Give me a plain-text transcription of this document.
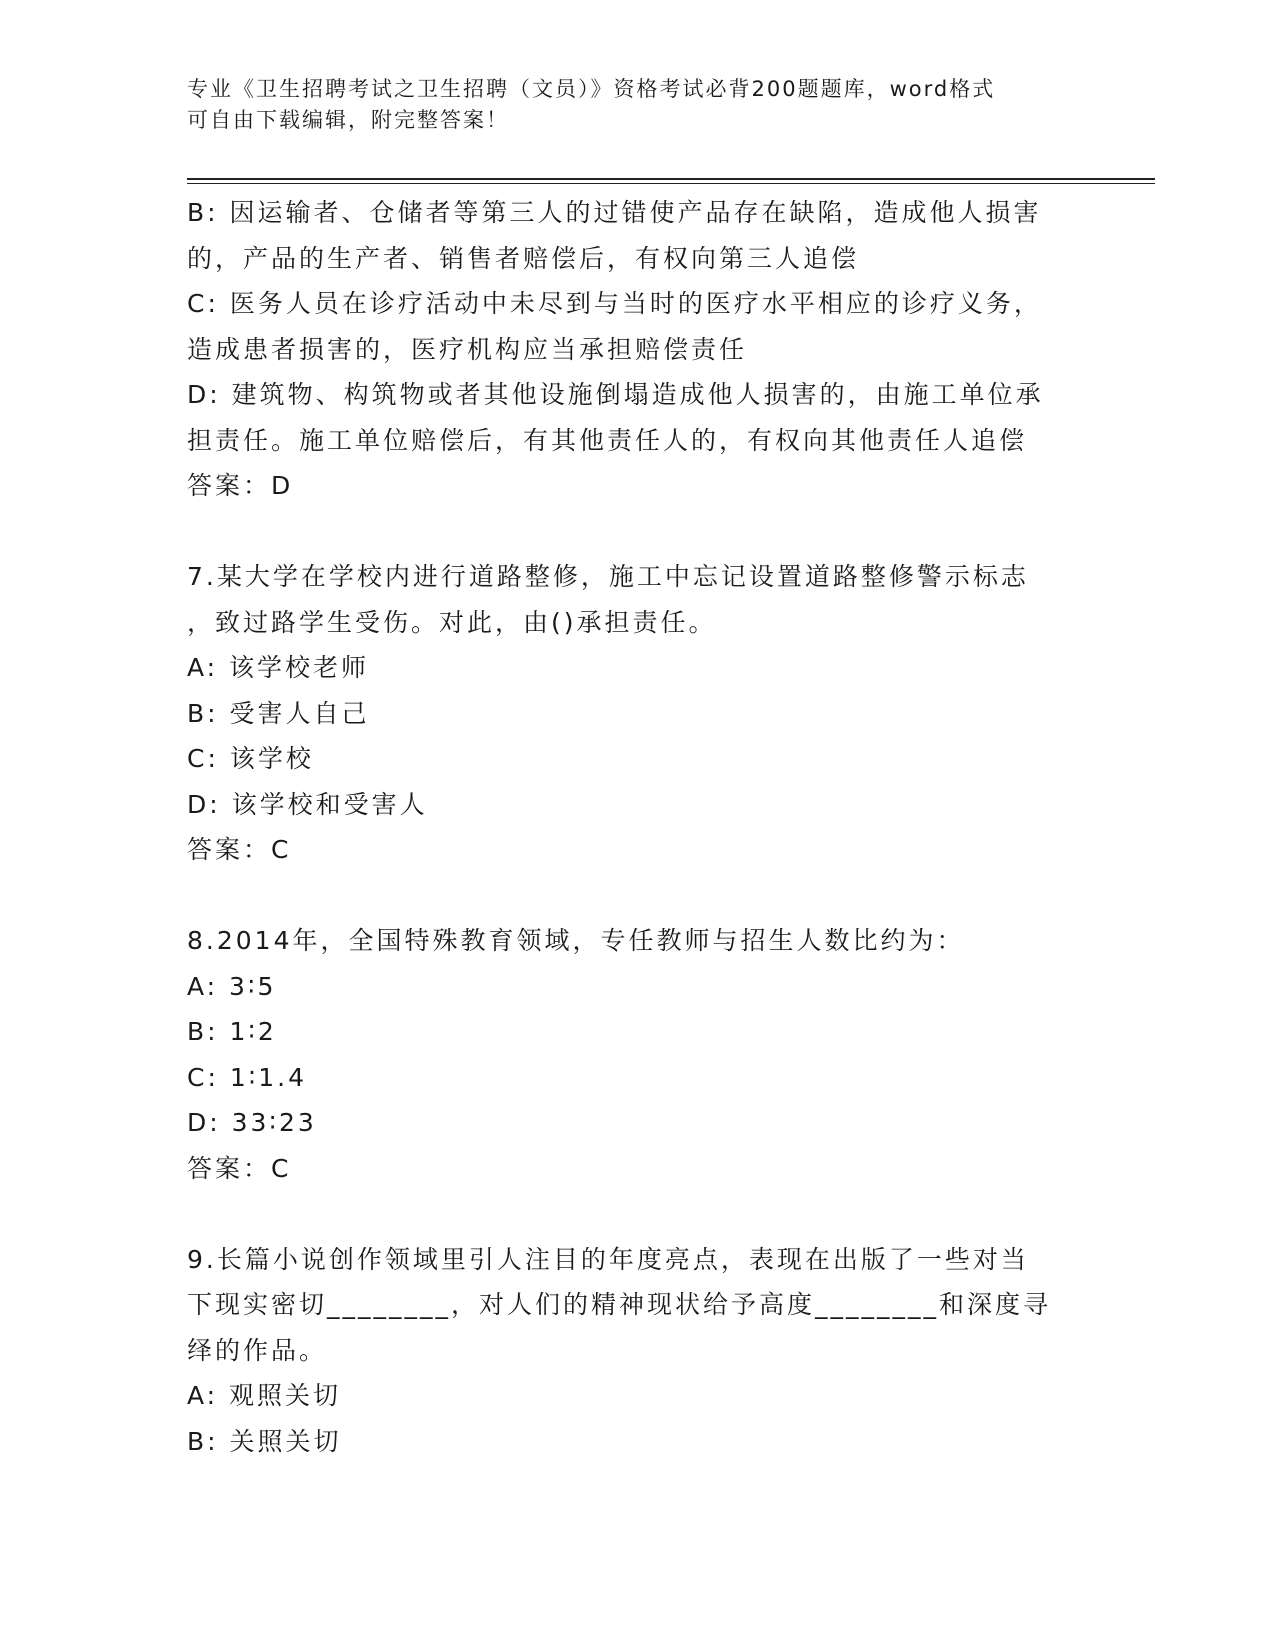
专业《卫生招聘考试之卫生招聘（文员）》资格考试必背200题题库，word格式
可自由下载编辑，附完整答案！
B: 因运输者、仓储者等第三人的过错使产品存在缺陷，造成他人损害
的，产品的生产者、销售者赔偿后，有权向第三人追偿
C: 医务人员在诊疗活动中未尽到与当时的医疗水平相应的诊疗义务，
造成患者损害的，医疗机构应当承担赔偿责任
D: 建筑物、构筑物或者其他设施倒塌造成他人损害的，由施工单位承
担责任。施工单位赔偿后，有其他责任人的，有权向其他责任人追偿
答案：D
7.某大学在学校内进行道路整修，施工中忘记设置道路整修警示标志
，致过路学生受伤。对此，由()承担责任。
A: 该学校老师
B: 受害人自己
C: 该学校
D: 该学校和受害人
答案：C
8.2014年，全国特殊教育领域，专任教师与招生人数比约为：
A: 3∶5
B: 1∶2
C: 1∶1.4
D: 33∶23
答案：C
9.长篇小说创作领域里引人注目的年度亮点，表现在出版了一些对当
下现实密切________，对人们的精神现状给予高度________和深度寻
绎的作品。
A: 观照关切
B: 关照关切
